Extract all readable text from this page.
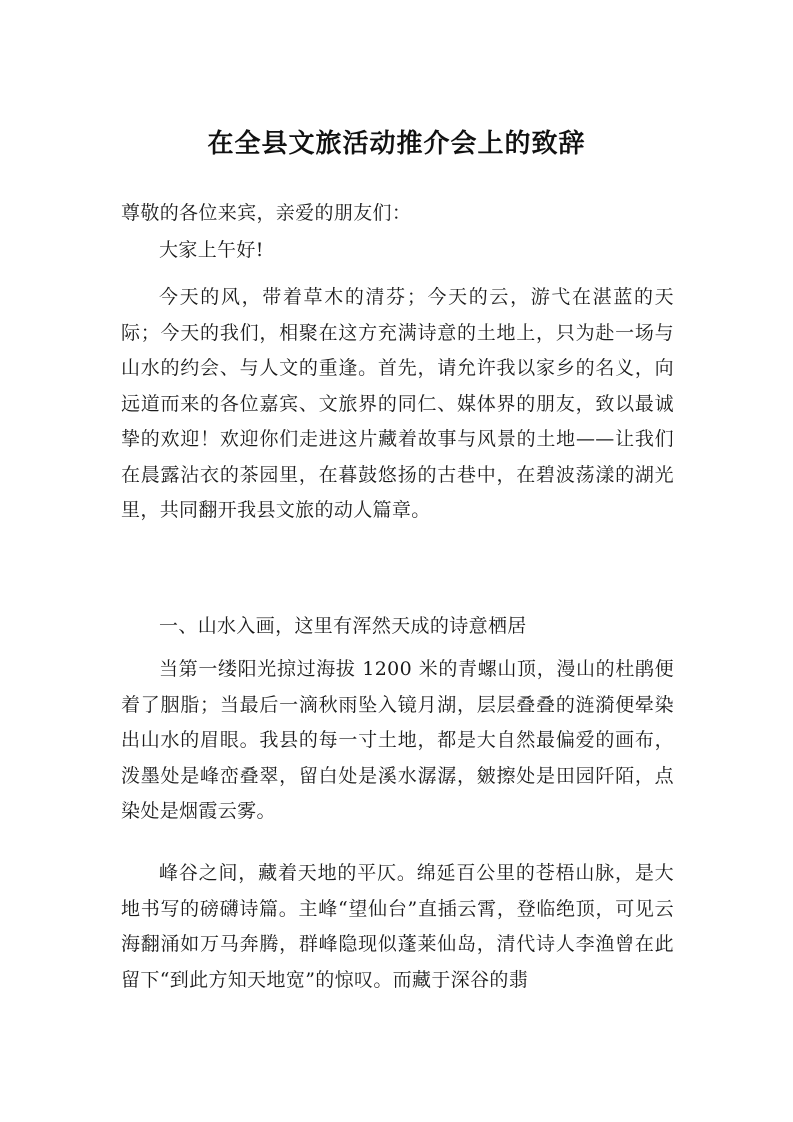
在全县文旅活动推介会上的致辞

尊敬的各位来宾，亲爱的朋友们：

大家上午好!

今天的风，带着草木的清芬；今天的云，游弋在湛蓝的天际；今天的我们，相聚在这方充满诗意的土地上，只为赴一场与山水的约会、与人文的重逢。首先，请允许我以家乡的名义，向远道而来的各位嘉宾、文旅界的同仁、媒体界的朋友，致以最诚挚的欢迎！欢迎你们走进这片藏着故事与风景的土地——让我们在晨露沾衣的茶园里，在暮鼓悠扬的古巷中，在碧波荡漾的湖光里，共同翻开我县文旅的动人篇章。

一、山水入画，这里有浑然天成的诗意栖居

当第一缕阳光掠过海拔 1200 米的青螺山顶，漫山的杜鹃便着了胭脂；当最后一滴秋雨坠入镜月湖，层层叠叠的涟漪便晕染出山水的眉眼。我县的每一寸土地，都是大自然最偏爱的画布，泼墨处是峰峦叠翠，留白处是溪水潺潺，皴擦处是田园阡陌，点染处是烟霞云雾。

峰谷之间，藏着天地的平仄。绵延百公里的苍梧山脉，是大地书写的磅礴诗篇。主峰“望仙台”直插云霄，登临绝顶，可见云海翻涌如万马奔腾，群峰隐现似蓬莱仙岛，清代诗人李渔曾在此留下“到此方知天地宽”的惊叹。而藏于深谷的翡
